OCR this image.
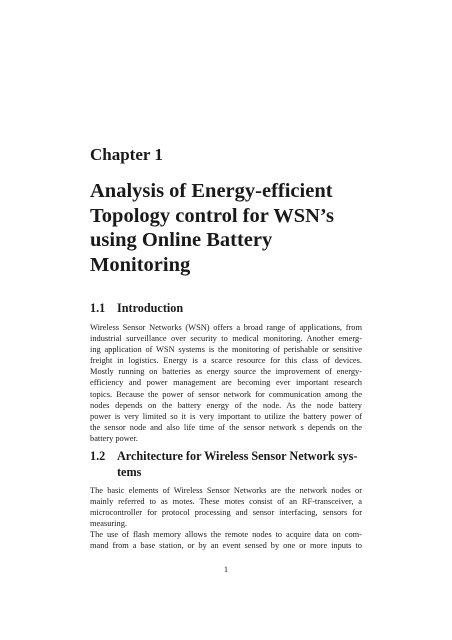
Chapter 1
Analysis of Energy-efficient
Topology control for WSN’s
using Online Battery
Monitoring
1.1 Introduction
Wireless Sensor Networks (WSN) offers a broad range of applications, from
industrial surveillance over security to medical monitoring. Another emerg-
ing application of WSN systems is the monitoring of perishable or sensitive
freight in logistics. Energy is a scarce resource for this class of devices.
Mostly running on batteries as energy source the improvement of energy-
efficiency and power management are becoming ever important research
topics. Because the power of sensor network for communication among the
nodes depends on the battery energy of the node. As the node battery
power is very limited so it is very important to utilize the battery power of
the sensor node and also life time of the sensor network s depends on the
battery power.
1.2 Architecture for Wireless Sensor Network sys-
tems
The basic elements of Wireless Sensor Networks are the network nodes or
mainly referred to as motes. These motes consist of an RF-transceiver, a
microcontroller for protocol processing and sensor interfacing, sensors for
measuring.
The use of flash memory allows the remote nodes to acquire data on com-
mand from a base station, or by an event sensed by one or more inputs to
1
